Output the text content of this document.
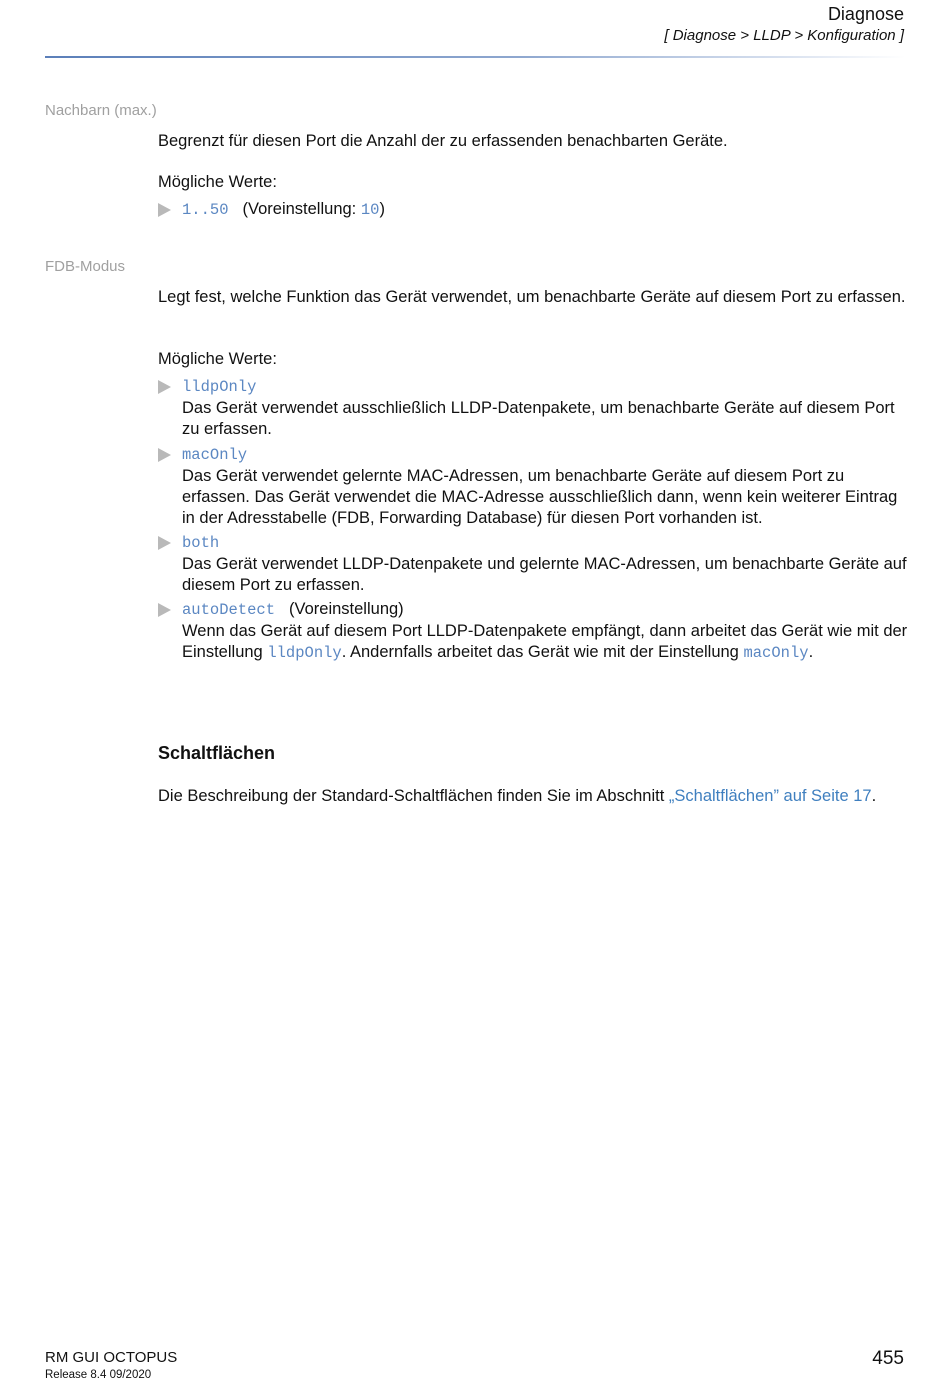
Diagnose
[ Diagnose > LLDP > Konfiguration ]
Nachbarn (max.)
Begrenzt für diesen Port die Anzahl der zu erfassenden benachbarten Geräte.
Mögliche Werte:
1..50 (Voreinstellung: 10)
FDB-Modus
Legt fest, welche Funktion das Gerät verwendet, um benachbarte Geräte auf diesem Port zu erfassen.
Mögliche Werte:
lldpOnly
Das Gerät verwendet ausschließlich LLDP-Datenpakete, um benachbarte Geräte auf diesem Port zu erfassen.
macOnly
Das Gerät verwendet gelernte MAC-Adressen, um benachbarte Geräte auf diesem Port zu erfassen. Das Gerät verwendet die MAC-Adresse ausschließlich dann, wenn kein weiterer Eintrag in der Adresstabelle (FDB, Forwarding Database) für diesen Port vorhanden ist.
both
Das Gerät verwendet LLDP-Datenpakete und gelernte MAC-Adressen, um benachbarte Geräte auf diesem Port zu erfassen.
autoDetect (Voreinstellung)
Wenn das Gerät auf diesem Port LLDP-Datenpakete empfängt, dann arbeitet das Gerät wie mit der Einstellung lldpOnly. Andernfalls arbeitet das Gerät wie mit der Einstellung macOnly.
Schaltflächen
Die Beschreibung der Standard-Schaltflächen finden Sie im Abschnitt „Schaltflächen” auf Seite 17.
RM GUI OCTOPUS
Release 8.4 09/2020
455
